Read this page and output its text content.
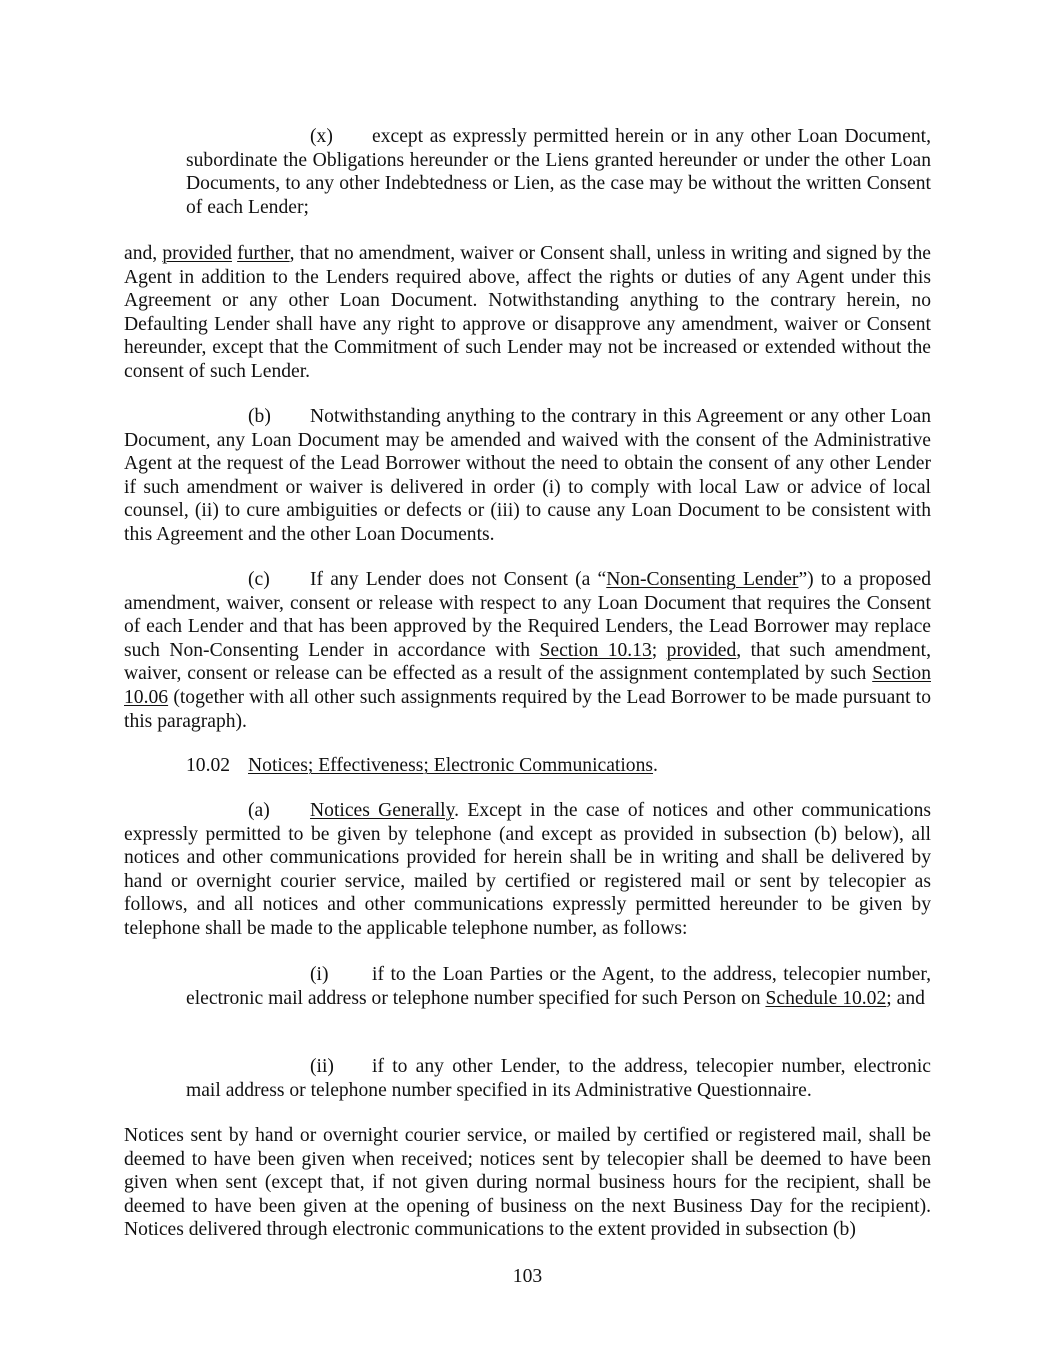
(x) except as expressly permitted herein or in any other Loan Document, subordinate the Obligations hereunder or the Liens granted hereunder or under the other Loan Documents, to any other Indebtedness or Lien, as the case may be without the written Consent of each Lender;

and, provided further, that no amendment, waiver or Consent shall, unless in writing and signed by the Agent in addition to the Lenders required above, affect the rights or duties of any Agent under this Agreement or any other Loan Document. Notwithstanding anything to the contrary herein, no Defaulting Lender shall have any right to approve or disapprove any amendment, waiver or Consent hereunder, except that the Commitment of such Lender may not be increased or extended without the consent of such Lender.

(b) Notwithstanding anything to the contrary in this Agreement or any other Loan Document, any Loan Document may be amended and waived with the consent of the Administrative Agent at the request of the Lead Borrower without the need to obtain the consent of any other Lender if such amendment or waiver is delivered in order (i) to comply with local Law or advice of local counsel, (ii) to cure ambiguities or defects or (iii) to cause any Loan Document to be consistent with this Agreement and the other Loan Documents.

(c) If any Lender does not Consent (a “Non-Consenting Lender”) to a proposed amendment, waiver, consent or release with respect to any Loan Document that requires the Consent of each Lender and that has been approved by the Required Lenders, the Lead Borrower may replace such Non-Consenting Lender in accordance with Section 10.13; provided, that such amendment, waiver, consent or release can be effected as a result of the assignment contemplated by such Section 10.06 (together with all other such assignments required by the Lead Borrower to be made pursuant to this paragraph).

10.02 Notices; Effectiveness; Electronic Communications.

(a) Notices Generally. Except in the case of notices and other communications expressly permitted to be given by telephone (and except as provided in subsection (b) below), all notices and other communications provided for herein shall be in writing and shall be delivered by hand or overnight courier service, mailed by certified or registered mail or sent by telecopier as follows, and all notices and other communications expressly permitted hereunder to be given by telephone shall be made to the applicable telephone number, as follows:

(i) if to the Loan Parties or the Agent, to the address, telecopier number, electronic mail address or telephone number specified for such Person on Schedule 10.02; and

(ii) if to any other Lender, to the address, telecopier number, electronic mail address or telephone number specified in its Administrative Questionnaire.

Notices sent by hand or overnight courier service, or mailed by certified or registered mail, shall be deemed to have been given when received; notices sent by telecopier shall be deemed to have been given when sent (except that, if not given during normal business hours for the recipient, shall be deemed to have been given at the opening of business on the next Business Day for the recipient). Notices delivered through electronic communications to the extent provided in subsection (b)

103
